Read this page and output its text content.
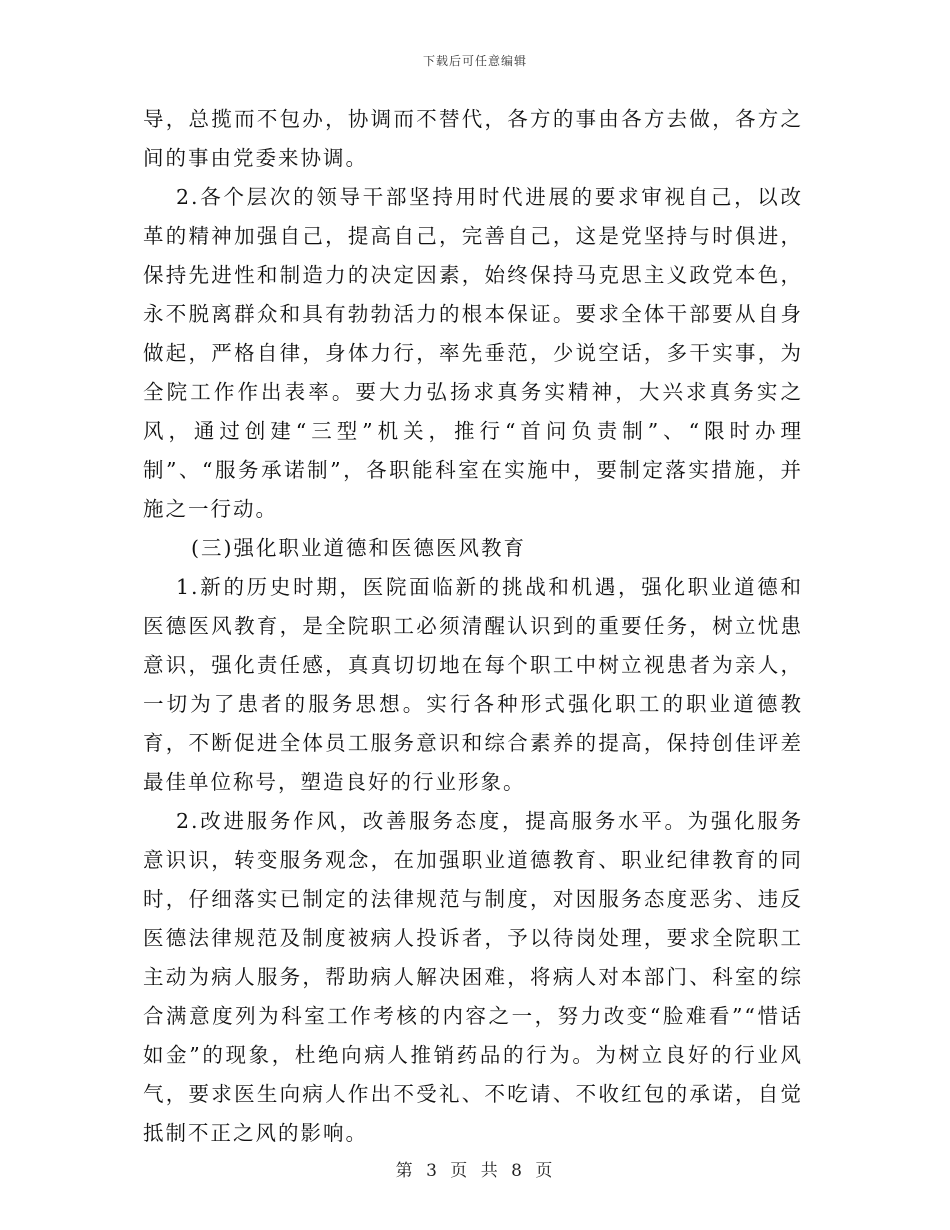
下载后可任意编辑

导，总揽而不包办，协调而不替代，各方的事由各方去做，各方之间的事由党委来协调。

2.各个层次的领导干部坚持用时代进展的要求审视自己，以改革的精神加强自己，提高自己，完善自己，这是党坚持与时俱进，保持先进性和制造力的决定因素，始终保持马克思主义政党本色，永不脱离群众和具有勃勃活力的根本保证。要求全体干部要从自身做起，严格自律，身体力行，率先垂范，少说空话，多干实事，为全院工作作出表率。要大力弘扬求真务实精神，大兴求真务实之风，通过创建“三型”机关，推行“首问负责制”、“限时办理制”、“服务承诺制”，各职能科室在实施中，要制定落实措施，并施之一行动。

(三)强化职业道德和医德医风教育

1.新的历史时期，医院面临新的挑战和机遇，强化职业道德和医德医风教育，是全院职工必须清醒认识到的重要任务，树立忧患意识，强化责任感，真真切切地在每个职工中树立视患者为亲人，一切为了患者的服务思想。实行各种形式强化职工的职业道德教育，不断促进全体员工服务意识和综合素养的提高，保持创佳评差最佳单位称号，塑造良好的行业形象。

2.改进服务作风，改善服务态度，提高服务水平。为强化服务意识识，转变服务观念，在加强职业道德教育、职业纪律教育的同时，仔细落实已制定的法律规范与制度，对因服务态度恶劣、违反医德法律规范及制度被病人投诉者，予以待岗处理，要求全院职工主动为病人服务，帮助病人解决困难，将病人对本部门、科室的综合满意度列为科室工作考核的内容之一，努力改变“脸难看”“惜话如金”的现象，杜绝向病人推销药品的行为。为树立良好的行业风气，要求医生向病人作出不受礼、不吃请、不收红包的承诺，自觉抵制不正之风的影响。

第 3 页 共 8 页
